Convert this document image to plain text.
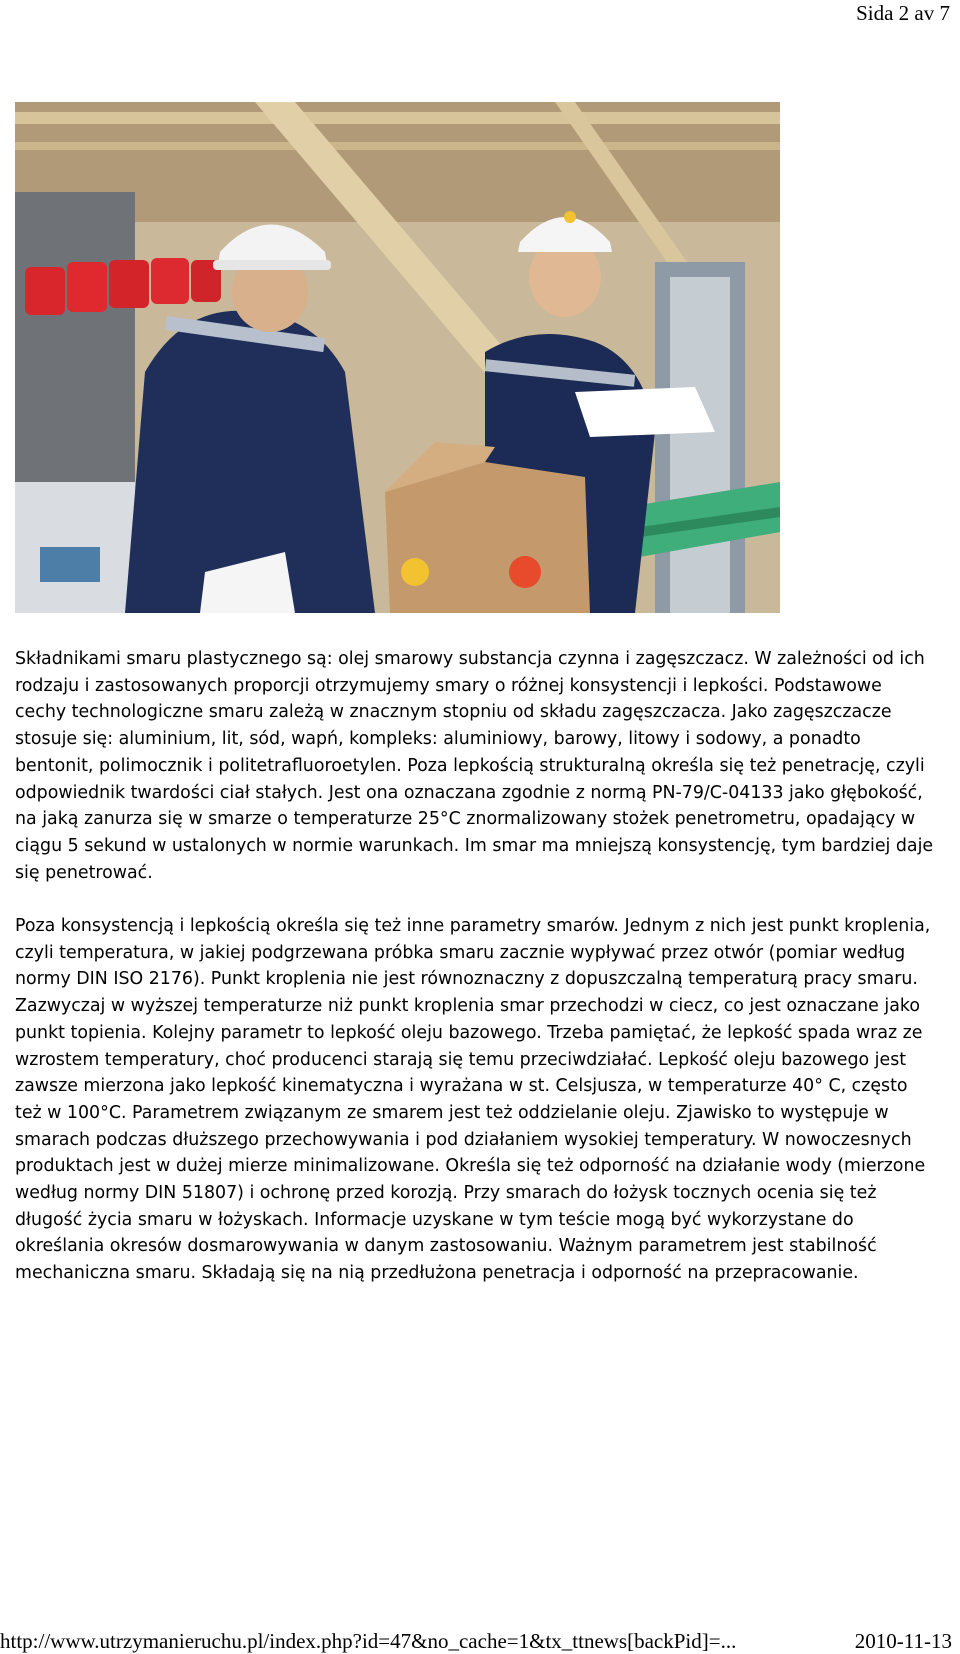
Sida 2 av 7

Składnikami smaru plastycznego są: olej smarowy substancja czynna i zagęszczacz. W zależności od ich rodzaju i zastosowanych proporcji otrzymujemy smary o różnej konsystencji i lepkości. Podstawowe cechy technologiczne smaru zależą w znacznym stopniu od składu zagęszczacza. Jako zagęszczacze stosuje się: aluminium, lit, sód, wapń, kompleks: aluminiowy, barowy, litowy i sodowy, a ponadto bentonit, polimocznik i politetrafluoroetylen. Poza lepkością strukturalną określa się też penetrację, czyli odpowiednik twardości ciał stałych. Jest ona oznaczana zgodnie z normą PN-79/C-04133 jako głębokość, na jaką zanurza się w smarze o temperaturze 25°C znormalizowany stożek penetrometru, opadający w ciągu 5 sekund w ustalonych w normie warunkach. Im smar ma mniejszą konsystencję, tym bardziej daje się penetrować.

Poza konsystencją i lepkością określa się też inne parametry smarów. Jednym z nich jest punkt kroplenia, czyli temperatura, w jakiej podgrzewana próbka smaru zacznie wypływać przez otwór (pomiar według normy DIN ISO 2176). Punkt kroplenia nie jest równoznaczny z dopuszczalną temperaturą pracy smaru. Zazwyczaj w wyższej temperaturze niż punkt kroplenia smar przechodzi w ciecz, co jest oznaczane jako punkt topienia. Kolejny parametr to lepkość oleju bazowego. Trzeba pamiętać, że lepkość spada wraz ze wzrostem temperatury, choć producenci starają się temu przeciwdziałać. Lepkość oleju bazowego jest zawsze mierzona jako lepkość kinematyczna i wyrażana w st. Celsjusza, w temperaturze 40° C, często też w 100°C. Parametrem związanym ze smarem jest też oddzielanie oleju. Zjawisko to występuje w smarach podczas dłuższego przechowywania i pod działaniem wysokiej temperatury. W nowoczesnych produktach jest w dużej mierze minimalizowane. Określa się też odporność na działanie wody (mierzone według normy DIN 51807) i ochronę przed korozją. Przy smarach do łożysk tocznych ocenia się też długość życia smaru w łożyskach. Informacje uzyskane w tym teście mogą być wykorzystane do określania okresów dosmarowywania w danym zastosowaniu. Ważnym parametrem jest stabilność mechaniczna smaru. Składają się na nią przedłużona penetracja i odporność na przepracowanie.

http://www.utrzymanieruchu.pl/index.php?id=47&no_cache=1&tx_ttnews[backPid]=...	2010-11-13
